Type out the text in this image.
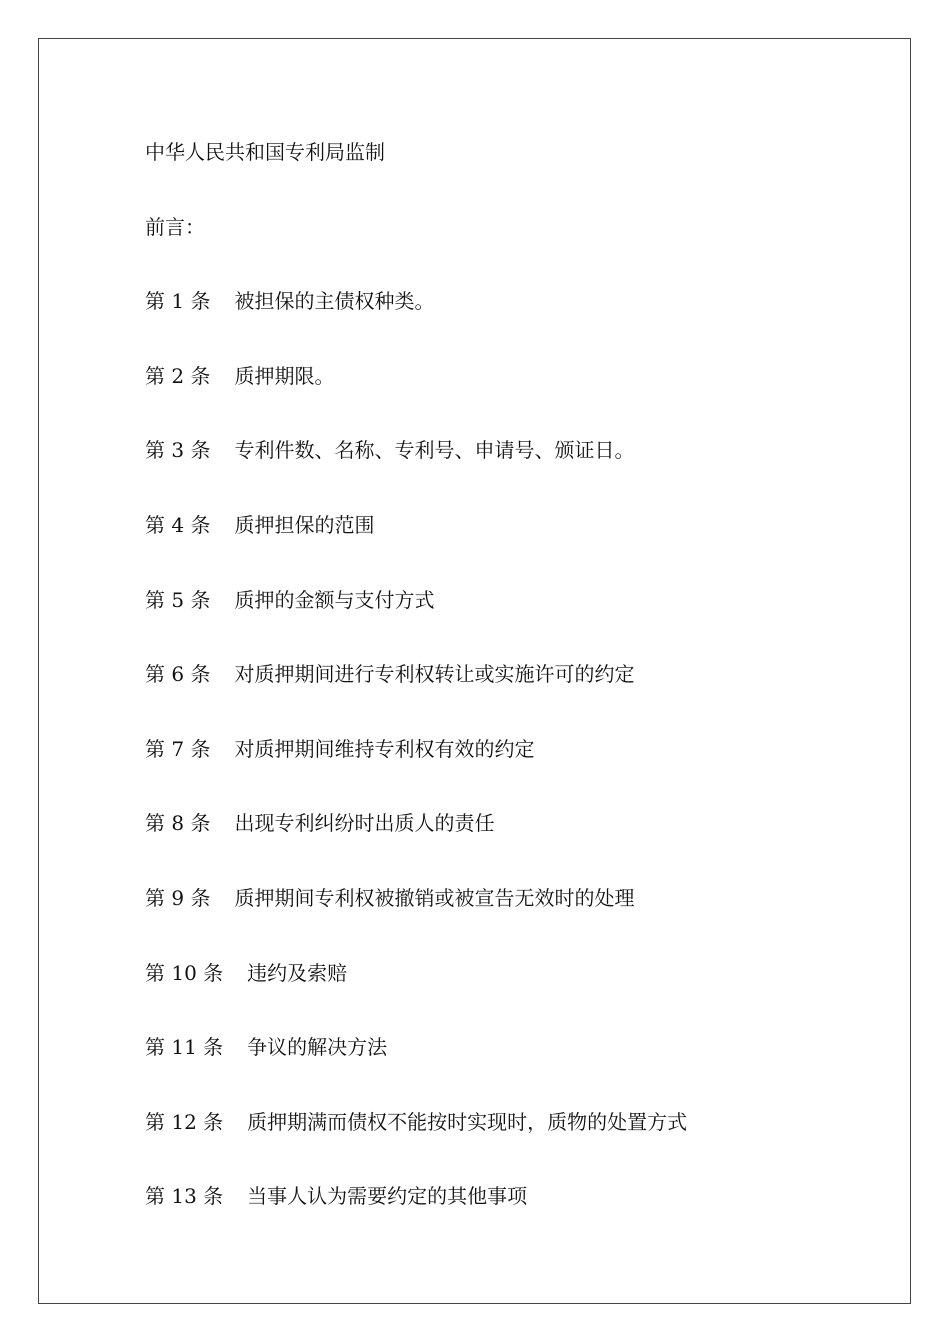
中华人民共和国专利局监制
前言：
第 1 条 被担保的主债权种类。
第 2 条 质押期限。
第 3 条 专利件数、名称、专利号、申请号、颁证日。
第 4 条 质押担保的范围
第 5 条 质押的金额与支付方式
第 6 条 对质押期间进行专利权转让或实施许可的约定
第 7 条 对质押期间维持专利权有效的约定
第 8 条 出现专利纠纷时出质人的责任
第 9 条 质押期间专利权被撤销或被宣告无效时的处理
第 10 条 违约及索赔
第 11 条 争议的解决方法
第 12 条 质押期满而债权不能按时实现时，质物的处置方式
第 13 条 当事人认为需要约定的其他事项
